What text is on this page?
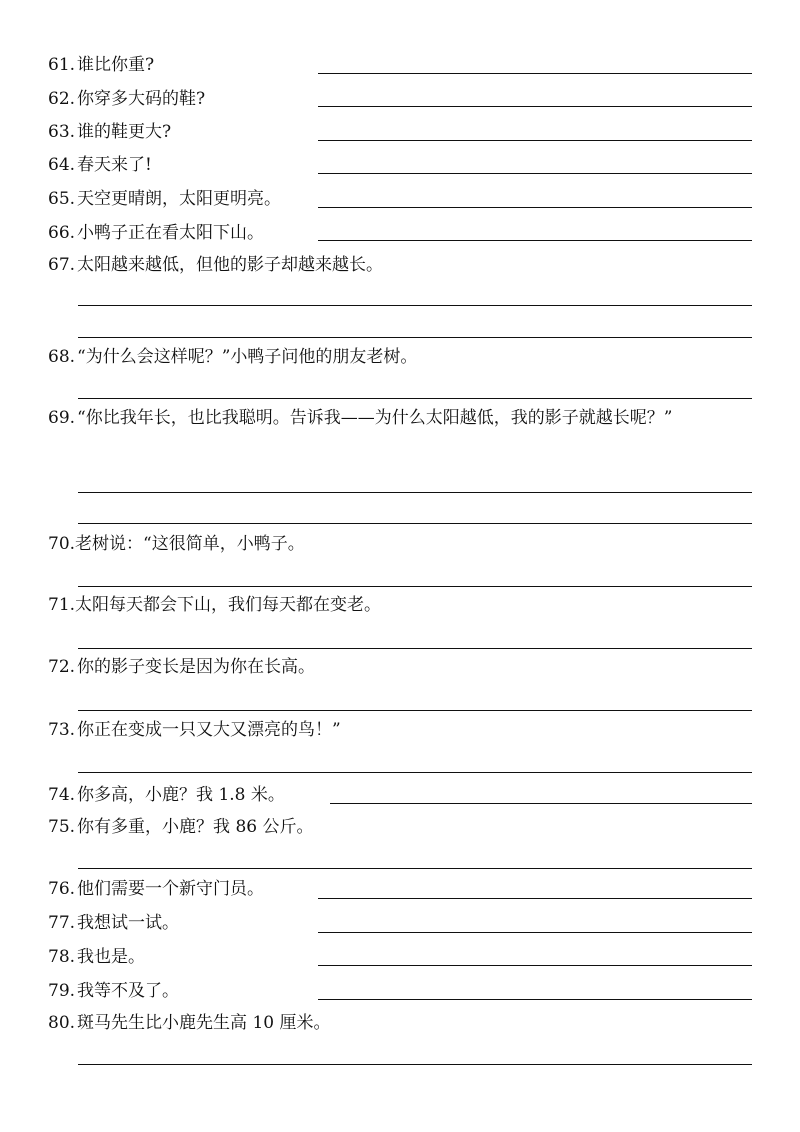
61. 谁比你重?
62. 你穿多大码的鞋?
63. 谁的鞋更大?
64. 春天来了!
65. 天空更晴朗，太阳更明亮。
66. 小鸭子正在看太阳下山。
67. 太阳越来越低，但他的影子却越来越长。
68. “为什么会这样呢？”小鸭子问他的朋友老树。
69. “你比我年长，也比我聪明。告诉我——为什么太阳越低，我的影子就越长呢？”
70.老树说：“这很简单，小鸭子。
71.太阳每天都会下山，我们每天都在变老。
72. 你的影子变长是因为你在长高。
73. 你正在变成一只又大又漂亮的鸟！”
74. 你多高，小鹿？我 1.8 米。
75. 你有多重，小鹿？我 86 公斤。
76. 他们需要一个新守门员。
77. 我想试一试。
78. 我也是。
79. 我等不及了。
80. 斑马先生比小鹿先生高 10 厘米。
